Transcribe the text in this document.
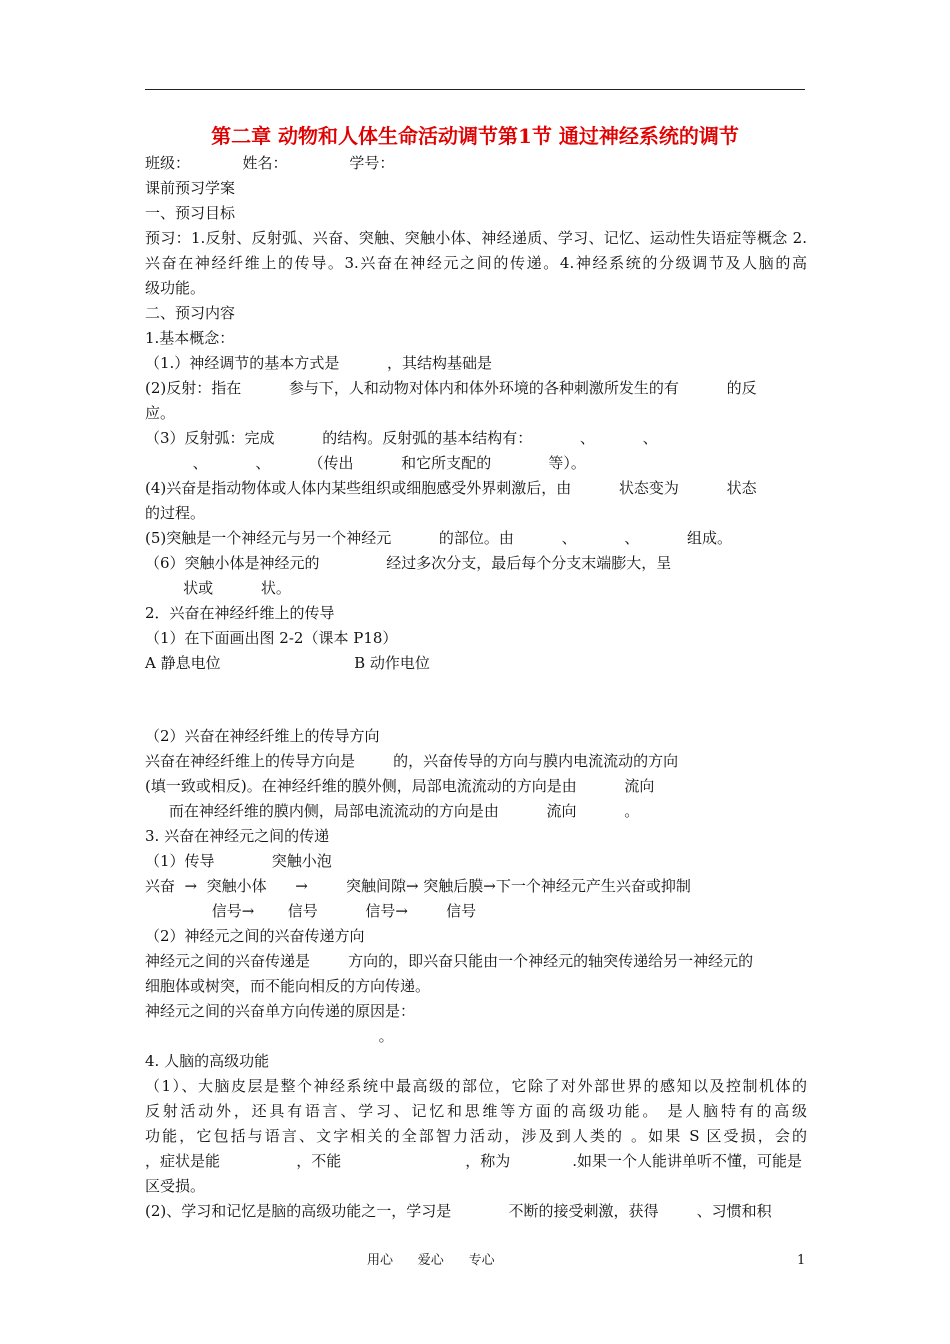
第二章 动物和人体生命活动调节第1节 通过神经系统的调节
班级：           姓名：             学号：
课前预习学案
一、预习目标
预习：1.反射、反射弧、兴奋、突触、突触小体、神经递质、学习、记忆、运动性失语症等概念 2.
兴奋在神经纤维上的传导。3.兴奋在神经元之间的传递。4.神经系统的分级调节及人脑的高
级功能。
二、预习内容
1.基本概念：
（1.）神经调节的基本方式是          ，其结构基础是
(2)反射：指在          参与下，人和动物对体内和体外环境的各种刺激所发生的有          的反
应。
（3）反射弧：完成          的结构。反射弧的基本结构有：          、          、
、          、        （传出          和它所支配的            等）。
(4)兴奋是指动物体或人体内某些组织或细胞感受外界刺激后，由          状态变为          状态
的过程。
(5)突触是一个神经元与另一个神经元          的部位。由          、          、          组成。
（6）突触小体是神经元的              经过多次分支，最后每个分支末端膨大，呈
状或          状。
2．兴奋在神经纤维上的传导
（1）在下面画出图 2-2（课本 P18）
A 静息电位                            B 动作电位
（2）兴奋在神经纤维上的传导方向
兴奋在神经纤维上的传导方向是        的，兴奋传导的方向与膜内电流流动的方向
(填一致或相反)。在神经纤维的膜外侧，局部电流流动的方向是由          流向
而在神经纤维的膜内侧，局部电流流动的方向是由          流向          。
3. 兴奋在神经元之间的传递
（1）传导            突触小泡
兴奋  →  突触小体      →        突触间隙→ 突触后膜→下一个神经元产生兴奋或抑制
信号→       信号          信号→        信号
（2）神经元之间的兴奋传递方向
神经元之间的兴奋传递是        方向的，即兴奋只能由一个神经元的轴突传递给另一神经元的
细胞体或树突，而不能向相反的方向传递。
神经元之间的兴奋单方向传递的原因是：
。
4. 人脑的高级功能
（1）、大脑皮层是整个神经系统中最高级的部位，它除了对外部世界的感知以及控制机体的
反射活动外，还具有语言、学习、记忆和思维等方面的高级功能。 是人脑特有的高级
功能，它包括与语言、文字相关的全部智力活动，涉及到人类的 。如果 S 区受损，会的
，症状是能                ，不能                          ，称为             .如果一个人能讲单听不懂，可能是
区受损。
(2)、学习和记忆是脑的高级功能之一，学习是            不断的接受刺激，获得        、习惯和积
用心      爱心      专心	1
